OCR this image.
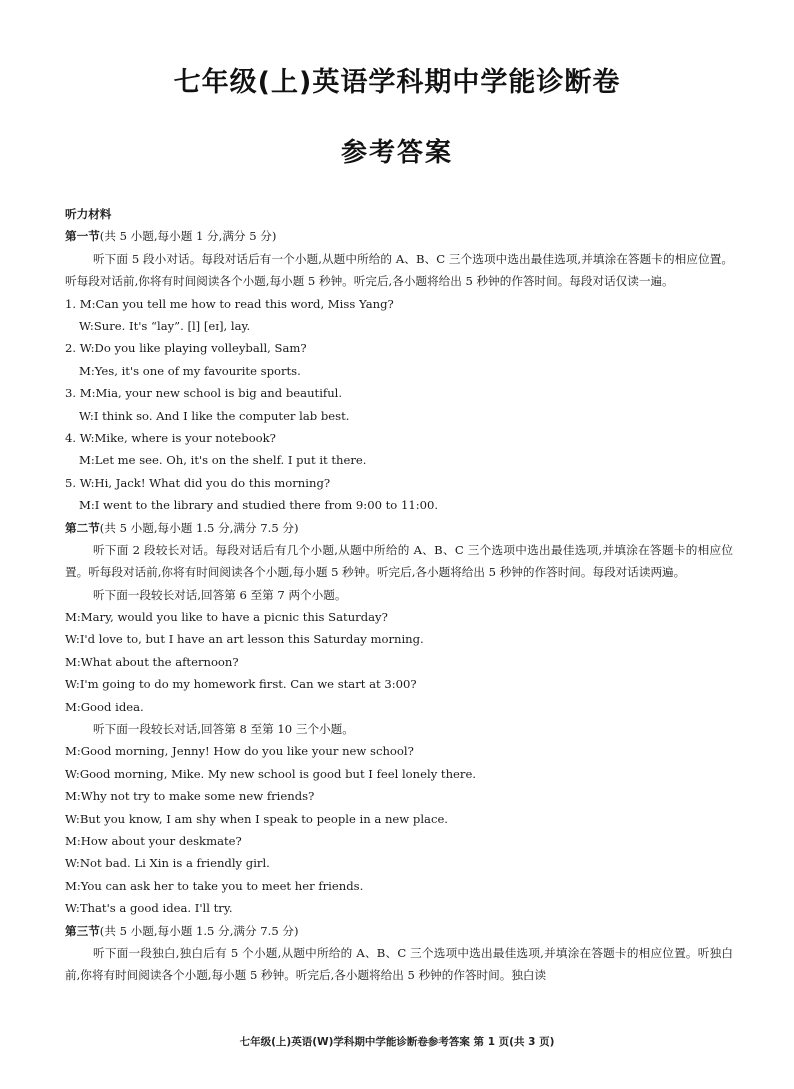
七年级(上)英语学科期中学能诊断卷
参考答案
听力材料
第一节(共 5 小题,每小题 1 分,满分 5 分)
听下面 5 段小对话。每段对话后有一个小题,从题中所给的 A、B、C 三个选项中选出最佳选项,并填涂在答题卡的相应位置。听每段对话前,你将有时间阅读各个小题,每小题 5 秒钟。听完后,各小题将给出 5 秒钟的作答时间。每段对话仅读一遍。
1. M:Can you tell me how to read this word, Miss Yang?
W:Sure. It's “lay”. [l] [eɪ], lay.
2. W:Do you like playing volleyball, Sam?
M:Yes, it's one of my favourite sports.
3. M:Mia, your new school is big and beautiful.
W:I think so. And I like the computer lab best.
4. W:Mike, where is your notebook?
M:Let me see. Oh, it's on the shelf. I put it there.
5. W:Hi, Jack! What did you do this morning?
M:I went to the library and studied there from 9:00 to 11:00.
第二节(共 5 小题,每小题 1.5 分,满分 7.5 分)
听下面 2 段较长对话。每段对话后有几个小题,从题中所给的 A、B、C 三个选项中选出最佳选项,并填涂在答题卡的相应位置。听每段对话前,你将有时间阅读各个小题,每小题 5 秒钟。听完后,各小题将给出 5 秒钟的作答时间。每段对话读两遍。
听下面一段较长对话,回答第 6 至第 7 两个小题。
M:Mary, would you like to have a picnic this Saturday?
W:I'd love to, but I have an art lesson this Saturday morning.
M:What about the afternoon?
W:I'm going to do my homework first. Can we start at 3:00?
M:Good idea.
听下面一段较长对话,回答第 8 至第 10 三个小题。
M:Good morning, Jenny! How do you like your new school?
W:Good morning, Mike. My new school is good but I feel lonely there.
M:Why not try to make some new friends?
W:But you know, I am shy when I speak to people in a new place.
M:How about your deskmate?
W:Not bad. Li Xin is a friendly girl.
M:You can ask her to take you to meet her friends.
W:That's a good idea. I'll try.
第三节(共 5 小题,每小题 1.5 分,满分 7.5 分)
听下面一段独白,独白后有 5 个小题,从题中所给的 A、B、C 三个选项中选出最佳选项,并填涂在答题卡的相应位置。听独白前,你将有时间阅读各个小题,每小题 5 秒钟。听完后,各小题将给出 5 秒钟的作答时间。独白读
七年级(上)英语(W)学科期中学能诊断卷参考答案 第 1 页(共 3 页)
